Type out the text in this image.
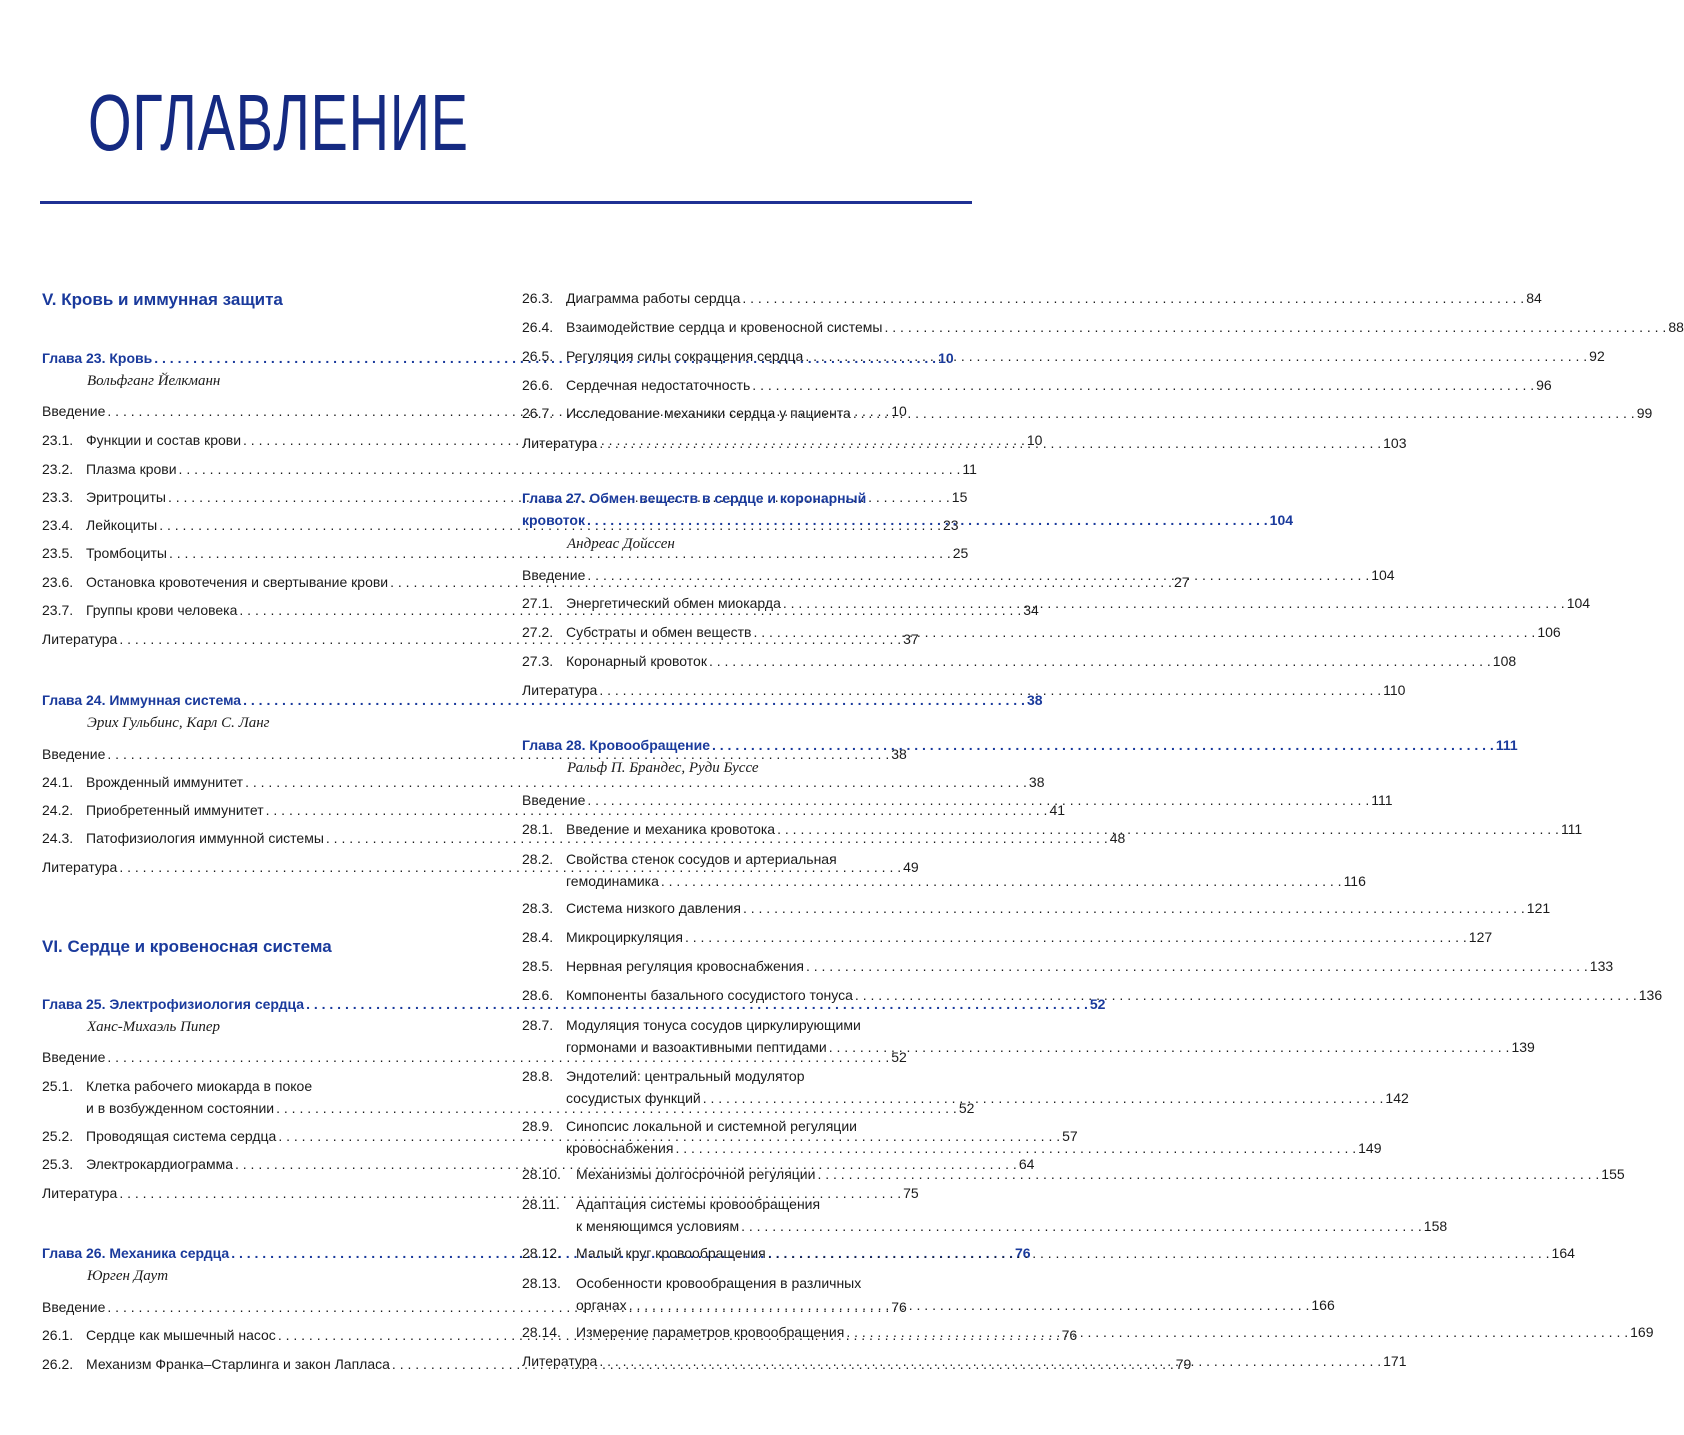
ОГЛАВЛЕНИЕ
V. Кровь и иммунная защита
Глава 23. Кровь . . .	10
Вольфганг Йелкманн
Введение . . .	10
23.1. Функции и состав крови . . .	10
23.2. Плазма крови . . .	11
23.3. Эритроциты . . .	15
23.4. Лейкоциты . . .	23
23.5. Тромбоциты . . .	25
23.6. Остановка кровотечения и свертывание крови . . .	27
23.7. Группы крови человека . . .	34
Литература . . .	37
Глава 24. Иммунная система . . .	38
Эрих Гульбинс, Карл С. Ланг
Введение . . .	38
24.1. Врожденный иммунитет . . .	38
24.2. Приобретенный иммунитет . . .	41
24.3. Патофизиология иммунной системы . . .	48
Литература . . .	49
VI. Сердце и кровеносная система
Глава 25. Электрофизиология сердца . . .	52
Ханс-Михаэль Пипер
Введение . . .	52
25.1. Клетка рабочего миокарда в покое
и в возбужденном состоянии . . .	52
25.2. Проводящая система сердца . . .	57
25.3. Электрокардиограмма . . .	64
Литература . . .	75
Глава 26. Механика сердца . . .	76
Юрген Даут
Введение . . .	76
26.1. Сердце как мышечный насос . . .	76
26.2. Механизм Франка–Старлинга и закон Лапласа . . .	79
26.3. Диаграмма работы сердца . . .	84
26.4. Взаимодействие сердца и кровеносной системы . . .	88
26.5. Регуляция силы сокращения сердца . . .	92
26.6. Сердечная недостаточность . . .	96
26.7. Исследование механики сердца у пациента . . .	99
Литература . . .	103
Глава 27. Обмен веществ в сердце и коронарный
кровоток . . .	104
Андреас Дойссен
Введение . . .	104
27.1. Энергетический обмен миокарда . . .	104
27.2. Субстраты и обмен веществ . . .	106
27.3. Коронарный кровоток . . .	108
Литература . . .	110
Глава 28. Кровообращение . . .	111
Ральф П. Брандес, Руди Буссе
Введение . . .	111
28.1. Введение и механика кровотока . . .	111
28.2. Свойства стенок сосудов и артериальная
гемодинамика . . .	116
28.3. Система низкого давления . . .	121
28.4. Микроциркуляция . . .	127
28.5. Нервная регуляция кровоснабжения . . .	133
28.6. Компоненты базального сосудистого тонуса . . .	136
28.7. Модуляция тонуса сосудов циркулирующими
гормонами и вазоактивными пептидами . . .	139
28.8. Эндотелий: центральный модулятор
сосудистых функций . . .	142
28.9. Синопсис локальной и системной регуляции
кровоснабжения . . .	149
28.10.	Механизмы долгосрочной регуляции . . .	155
28.11. Адаптация системы кровообращения
к меняющимся условиям . . .	158
28.12.	Малый круг кровообращения . . .	164
28.13. Особенности кровообращения в различных
органах . . .	166
28.14.	Измерение параметров кровообращения . . .	169
Литература . . .	171
